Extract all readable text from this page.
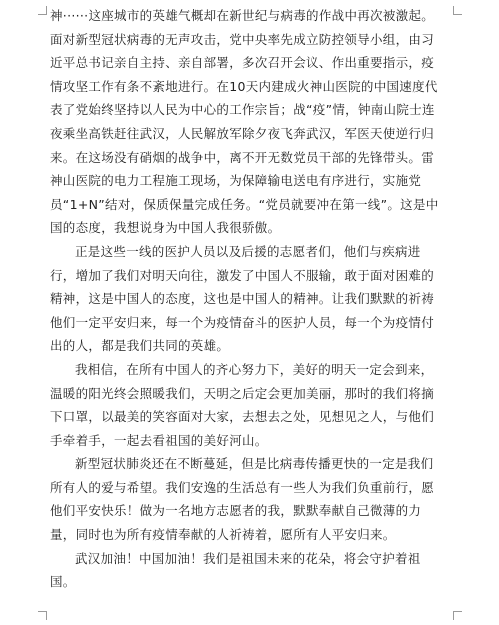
神······这座城市的英雄气概却在新世纪与病毒的作战中再次被激起。面对新型冠状病毒的无声攻击，党中央率先成立防控领导小组，由习近平总书记亲自主持、亲自部署，多次召开会议、作出重要指示，疫情攻坚工作有条不紊地进行。在10天内建成火神山医院的中国速度代表了党始终坚持以人民为中心的工作宗旨；战“疫”情，钟南山院士连夜乘坐高铁赶往武汉，人民解放军除夕夜飞奔武汉，军医天使逆行归来。在这场没有硝烟的战争中，离不开无数党员干部的先锋带头。雷神山医院的电力工程施工现场，为保障输电送电有序进行，实施党员“1+N”结对，保质保量完成任务。“党员就要冲在第一线”。这是中国的态度，我想说身为中国人我很骄傲。

正是这些一线的医护人员以及后援的志愿者们，他们与疾病进行，增加了我们对明天向往，激发了中国人不服输，敢于面对困难的精神，这是中国人的态度，这也是中国人的精神。让我们默默的祈祷他们一定平安归来，每一个为疫情奋斗的医护人员，每一个为疫情付出的人，都是我们共同的英雄。

我相信，在所有中国人的齐心努力下，美好的明天一定会到来，温暖的阳光终会照暖我们，天明之后定会更加美丽，那时的我们将摘下口罩，以最美的笑容面对大家，去想去之处，见想见之人，与他们手牵着手，一起去看祖国的美好河山。

新型冠状肺炎还在不断蔓延，但是比病毒传播更快的一定是我们所有人的爱与希望。我们安逸的生活总有一些人为我们负重前行，愿他们平安快乐！做为一名地方志愿者的我，默默奉献自己微薄的力量，同时也为所有疫情奉献的人祈祷着，愿所有人平安归来。

武汉加油！中国加油！我们是祖国未来的花朵，将会守护着祖国。
